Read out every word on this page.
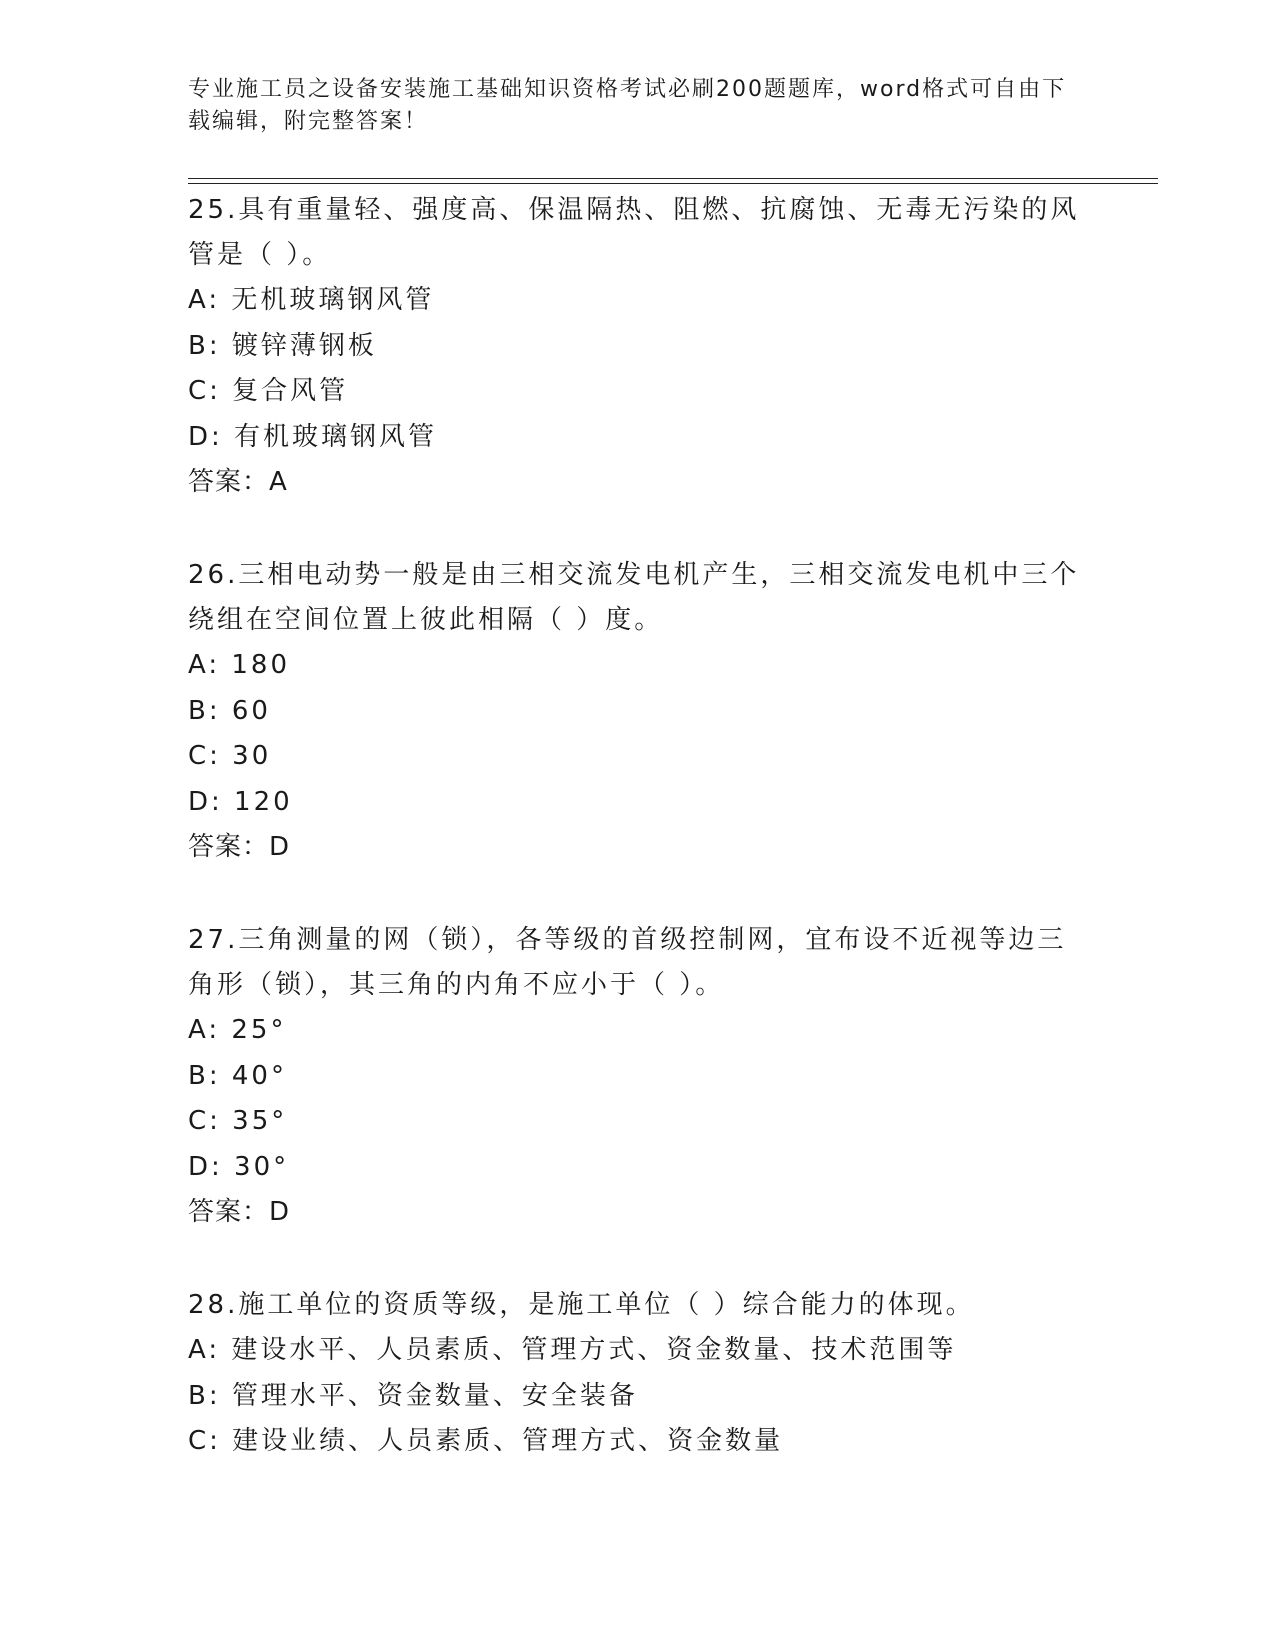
专业施工员之设备安装施工基础知识资格考试必刷200题题库，word格式可自由下载编辑，附完整答案！
25.具有重量轻、强度高、保温隔热、阻燃、抗腐蚀、无毒无污染的风管是（ ）。
A: 无机玻璃钢风管
B: 镀锌薄钢板
C: 复合风管
D: 有机玻璃钢风管
答案：A
26.三相电动势一般是由三相交流发电机产生，三相交流发电机中三个绕组在空间位置上彼此相隔（ ）度。
A: 180
B: 60
C: 30
D: 120
答案：D
27.三角测量的网（锁），各等级的首级控制网，宜布设不近视等边三角形（锁），其三角的内角不应小于（ ）。
A: 25°
B: 40°
C: 35°
D: 30°
答案：D
28.施工单位的资质等级，是施工单位（ ）综合能力的体现。
A: 建设水平、人员素质、管理方式、资金数量、技术范围等
B: 管理水平、资金数量、安全装备
C: 建设业绩、人员素质、管理方式、资金数量
